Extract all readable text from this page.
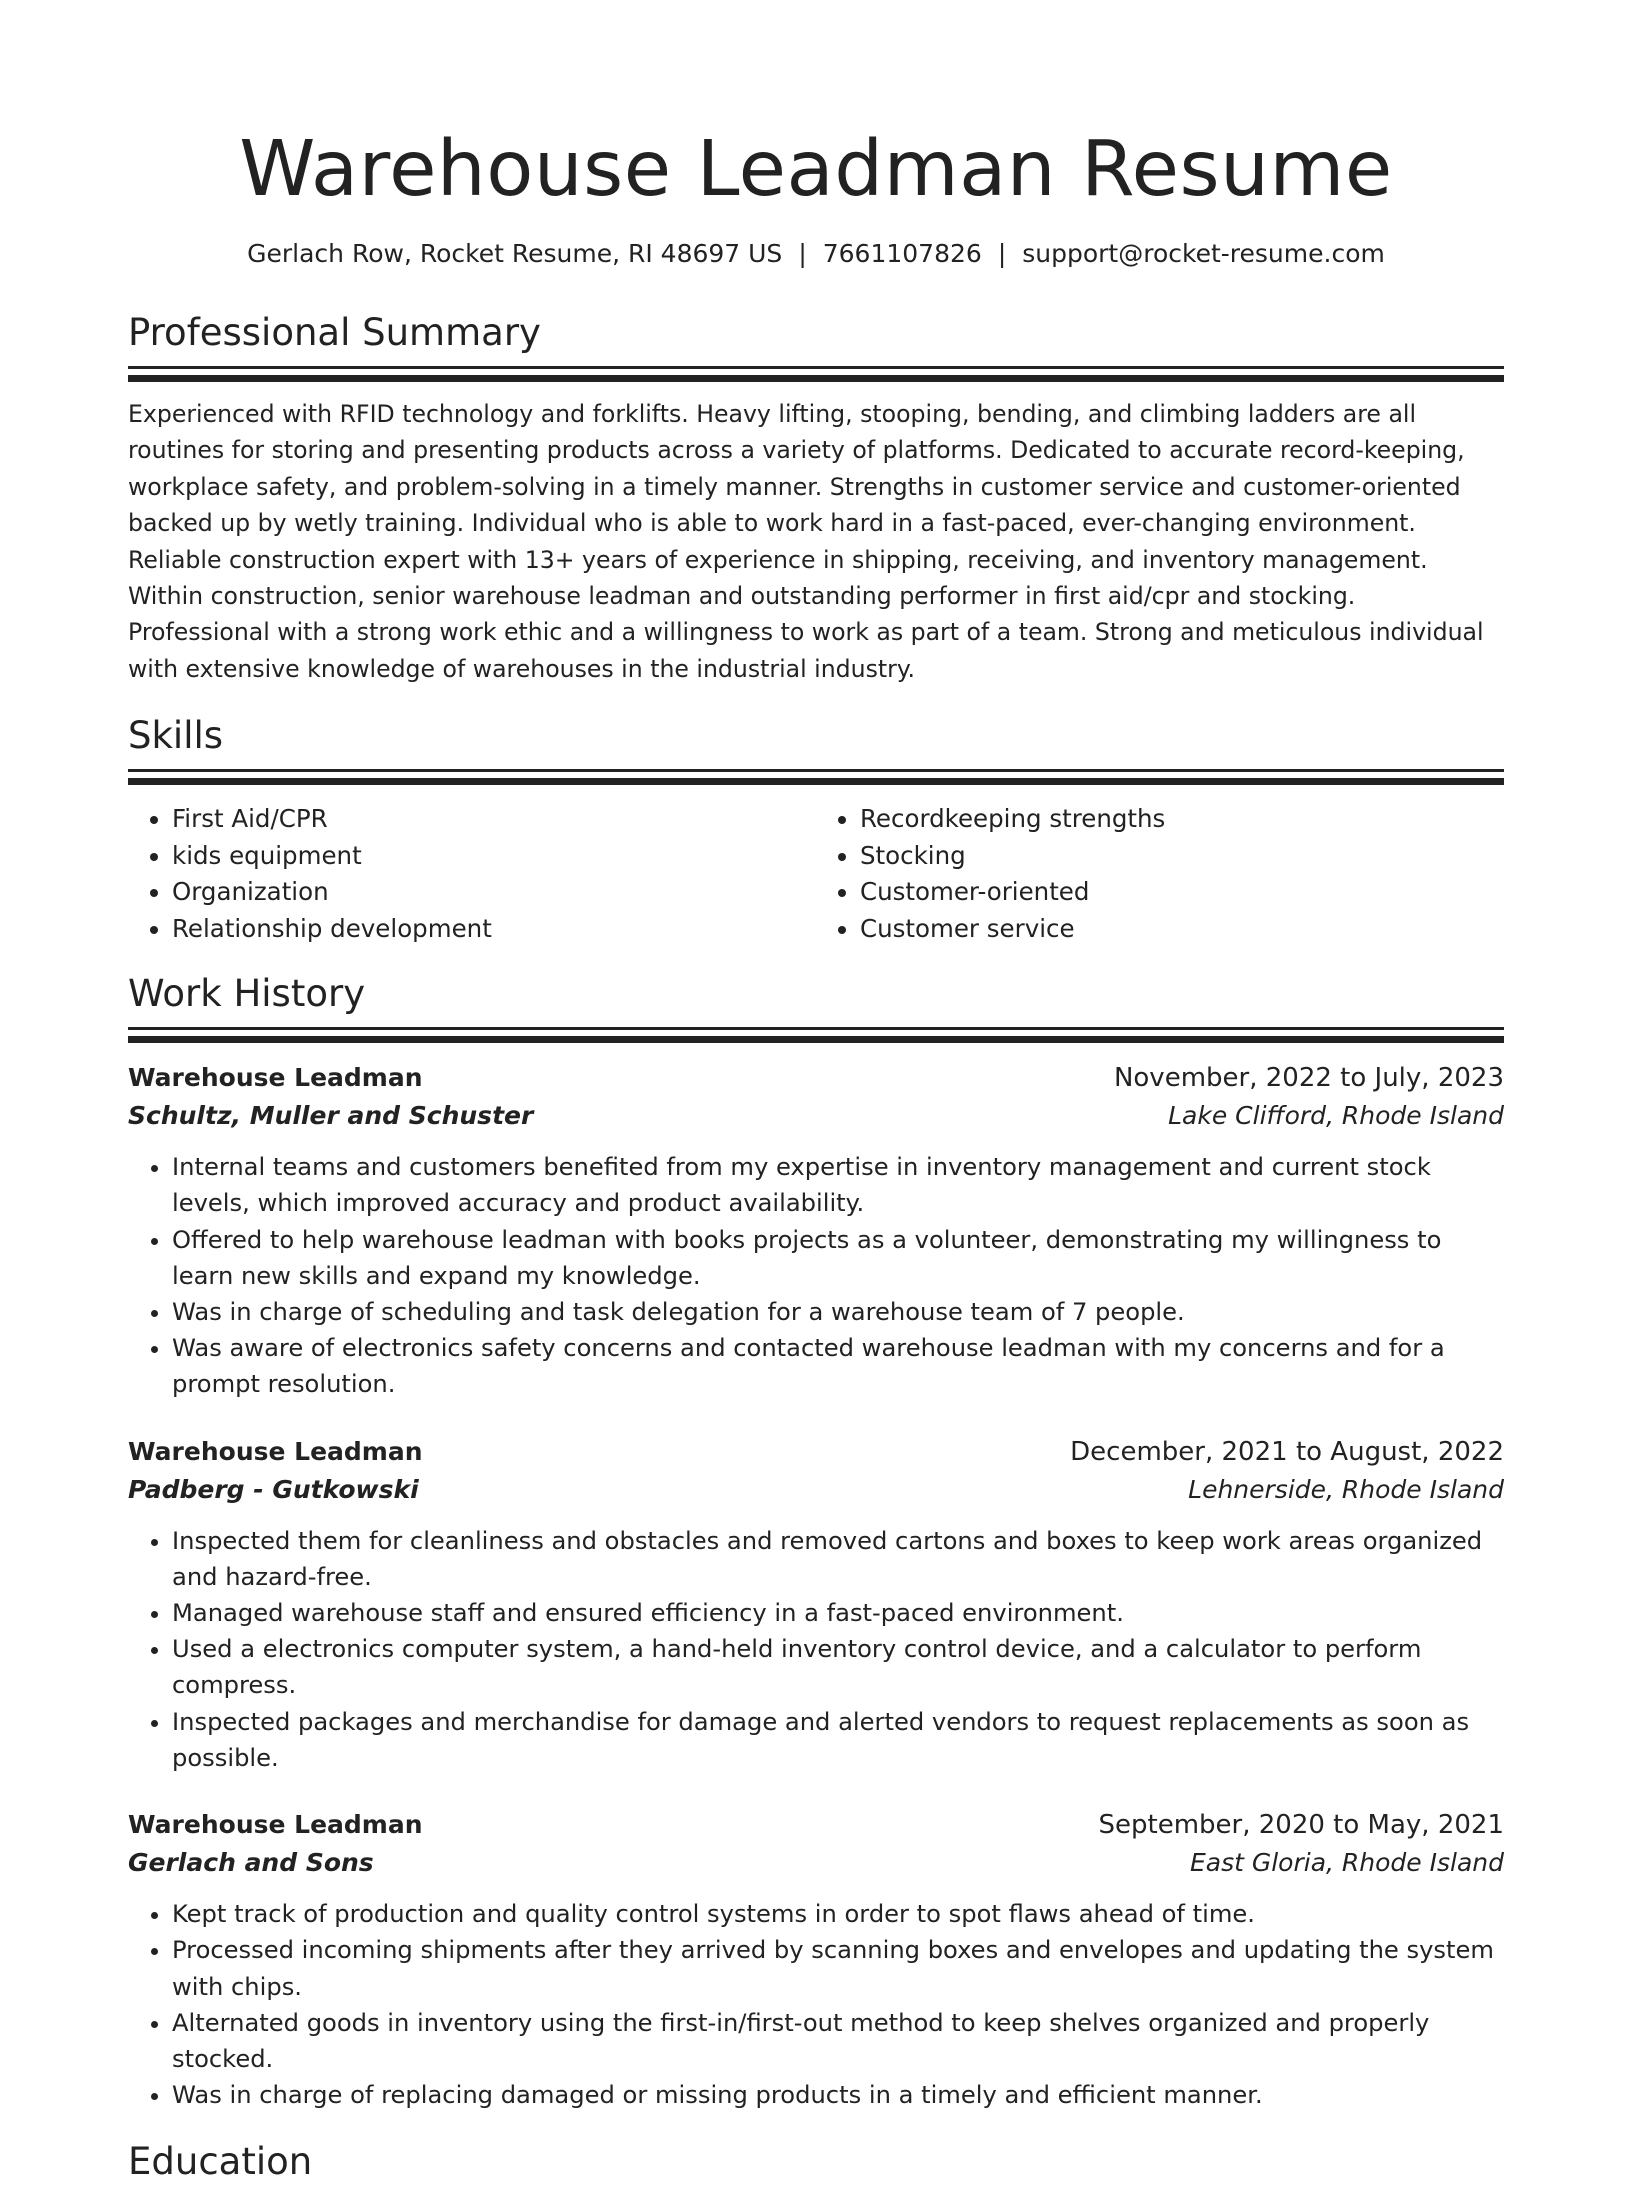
Warehouse Leadman Resume
Gerlach Row, Rocket Resume, RI 48697 US | 7661107826 | support@rocket-resume.com
Professional Summary

Experienced with RFID technology and forklifts. Heavy lifting, stooping, bending, and climbing ladders are all routines for storing and presenting products across a variety of platforms. Dedicated to accurate record-keeping, workplace safety, and problem-solving in a timely manner. Strengths in customer service and customer-oriented backed up by wetly training. Individual who is able to work hard in a fast-paced, ever-changing environment. Reliable construction expert with 13+ years of experience in shipping, receiving, and inventory management. Within construction, senior warehouse leadman and outstanding performer in first aid/cpr and stocking. Professional with a strong work ethic and a willingness to work as part of a team. Strong and meticulous individual with extensive knowledge of warehouses in the industrial industry.

Skills
• First Aid/CPR
• kids equipment
• Organization
• Relationship development
• Recordkeeping strengths
• Stocking
• Customer-oriented
• Customer service
Work History
Warehouse Leadman	November, 2022 to July, 2023
Schultz, Muller and Schuster	Lake Clifford, Rhode Island
• Internal teams and customers benefited from my expertise in inventory management and current stock levels, which improved accuracy and product availability.
• Offered to help warehouse leadman with books projects as a volunteer, demonstrating my willingness to learn new skills and expand my knowledge.
• Was in charge of scheduling and task delegation for a warehouse team of 7 people.
• Was aware of electronics safety concerns and contacted warehouse leadman with my concerns and for a prompt resolution.
Warehouse Leadman	December, 2021 to August, 2022
Padberg - Gutkowski	Lehnerside, Rhode Island
• Inspected them for cleanliness and obstacles and removed cartons and boxes to keep work areas organized and hazard-free.
• Managed warehouse staff and ensured efficiency in a fast-paced environment.
• Used a electronics computer system, a hand-held inventory control device, and a calculator to perform compress.
• Inspected packages and merchandise for damage and alerted vendors to request replacements as soon as possible.
Warehouse Leadman	September, 2020 to May, 2021
Gerlach and Sons	East Gloria, Rhode Island
• Kept track of production and quality control systems in order to spot flaws ahead of time.
• Processed incoming shipments after they arrived by scanning boxes and envelopes and updating the system with chips.
• Alternated goods in inventory using the first-in/first-out method to keep shelves organized and properly stocked.
• Was in charge of replacing damaged or missing products in a timely and efficient manner.
Education
